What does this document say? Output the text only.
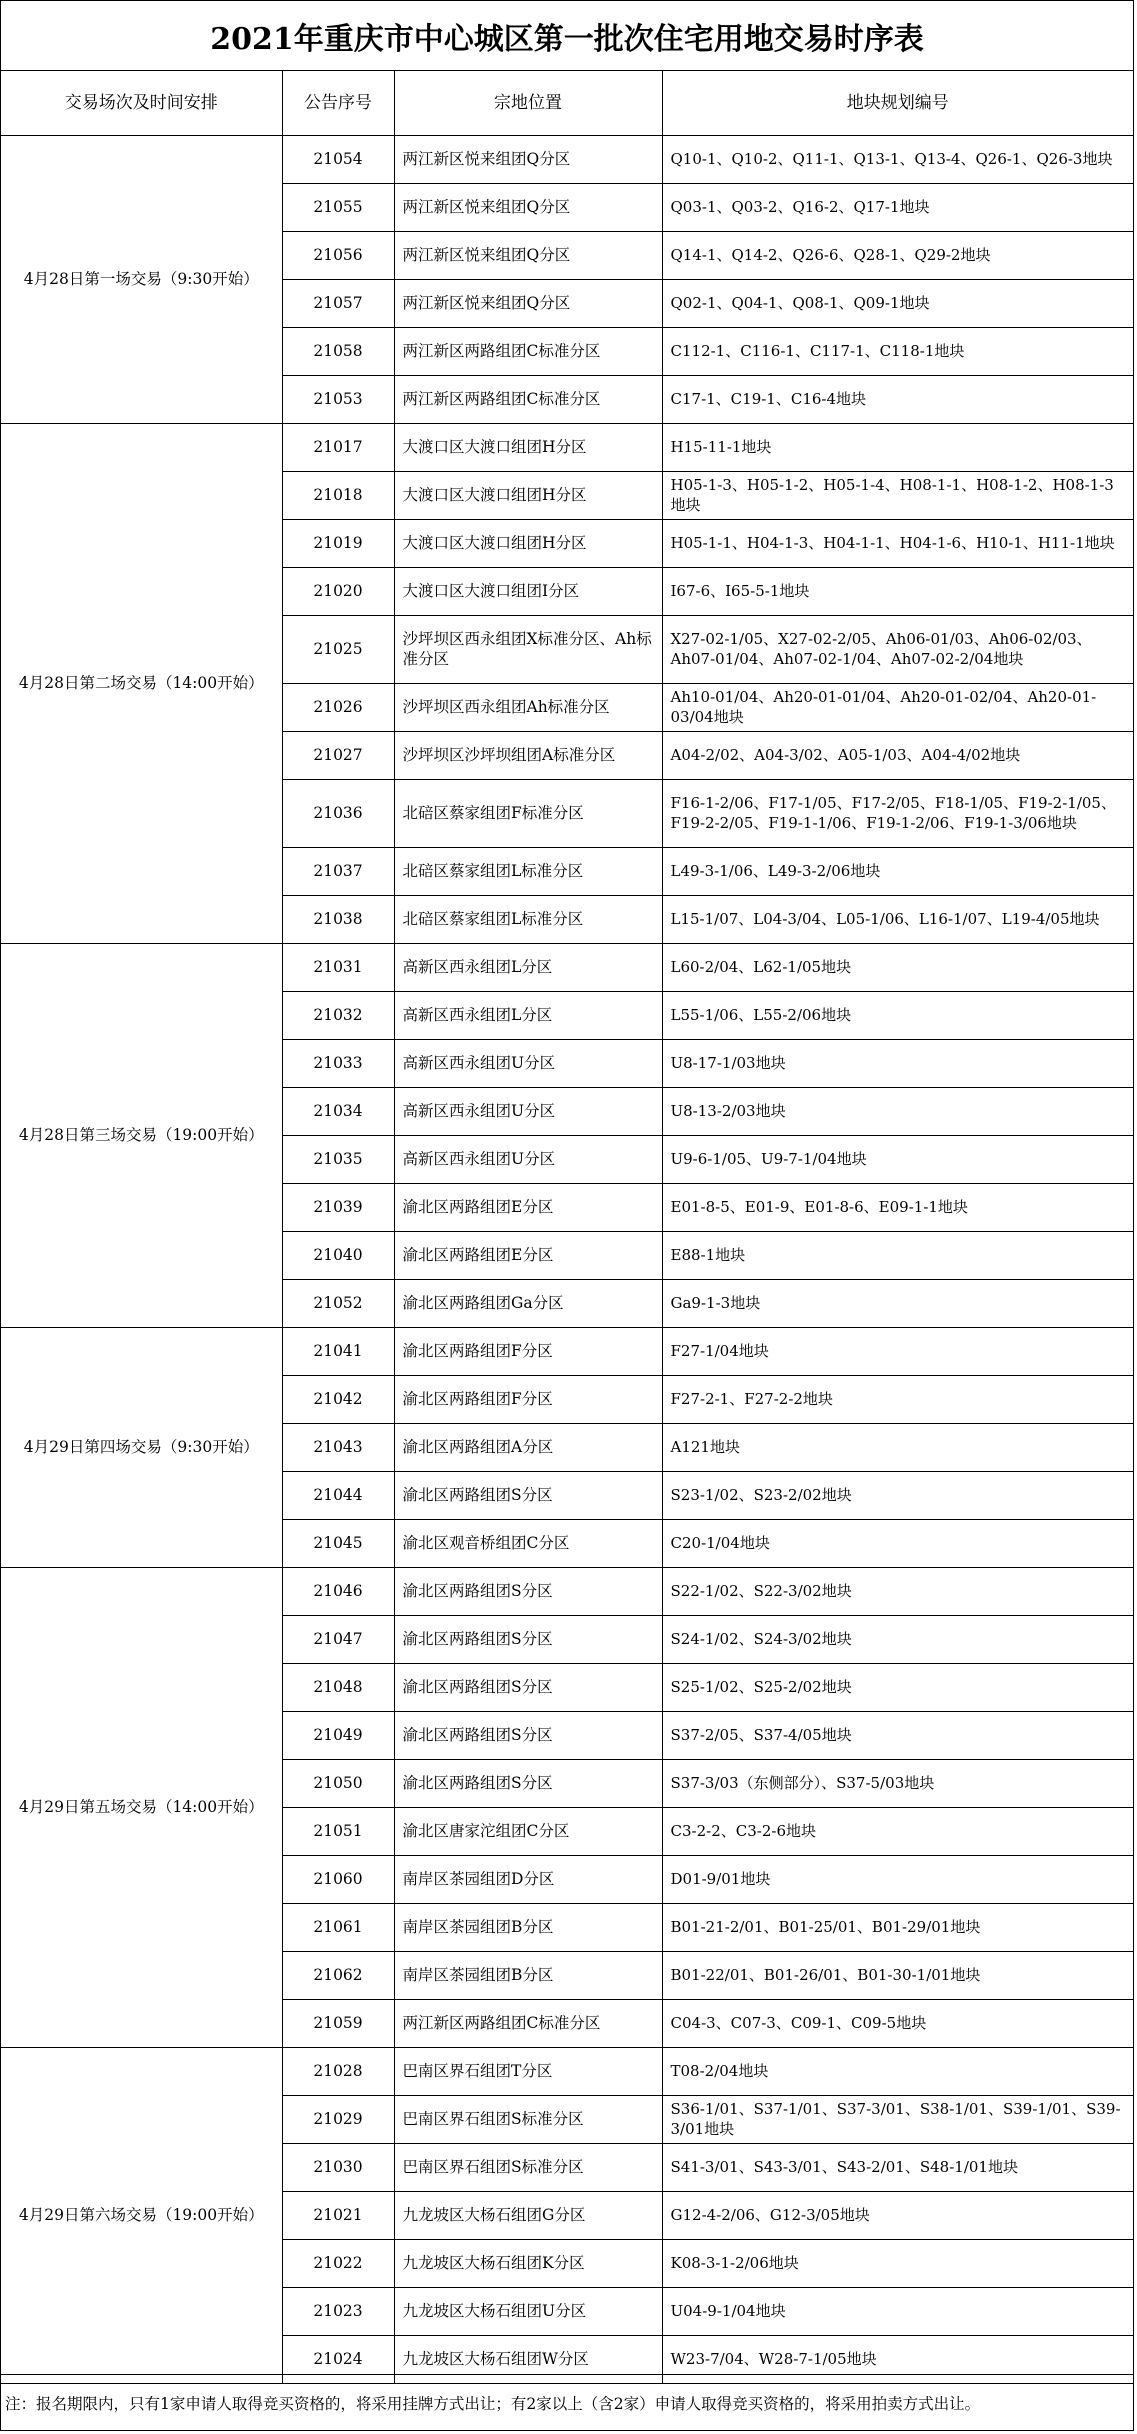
2021年重庆市中心城区第一批次住宅用地交易时序表
交易场次及时间安排	公告序号	宗地位置	地块规划编号
4月28日第一场交易（9:30开始）	21054	两江新区悦来组团Q分区	Q10-1、Q10-2、Q11-1、Q13-1、Q13-4、Q26-1、Q26-3地块
	21055	两江新区悦来组团Q分区	Q03-1、Q03-2、Q16-2、Q17-1地块
	21056	两江新区悦来组团Q分区	Q14-1、Q14-2、Q26-6、Q28-1、Q29-2地块
	21057	两江新区悦来组团Q分区	Q02-1、Q04-1、Q08-1、Q09-1地块
	21058	两江新区两路组团C标准分区	C112-1、C116-1、C117-1、C118-1地块
	21053	两江新区两路组团C标准分区	C17-1、C19-1、C16-4地块
4月28日第二场交易（14:00开始）	21017	大渡口区大渡口组团H分区	H15-11-1地块
	21018	大渡口区大渡口组团H分区	H05-1-3、H05-1-2、H05-1-4、H08-1-1、H08-1-2、H08-1-3地块
	21019	大渡口区大渡口组团H分区	H05-1-1、H04-1-3、H04-1-1、H04-1-6、H10-1、H11-1地块
	21020	大渡口区大渡口组团I分区	I67-6、I65-5-1地块
	21025	沙坪坝区西永组团X标准分区、Ah标准分区	X27-02-1/05、X27-02-2/05、Ah06-01/03、Ah06-02/03、Ah07-01/04、Ah07-02-1/04、Ah07-02-2/04地块
	21026	沙坪坝区西永组团Ah标准分区	Ah10-01/04、Ah20-01-01/04、Ah20-01-02/04、Ah20-01-03/04地块
	21027	沙坪坝区沙坪坝组团A标准分区	A04-2/02、A04-3/02、A05-1/03、A04-4/02地块
	21036	北碚区蔡家组团F标准分区	F16-1-2/06、F17-1/05、F17-2/05、F18-1/05、F19-2-1/05、F19-2-2/05、F19-1-1/06、F19-1-2/06、F19-1-3/06地块
	21037	北碚区蔡家组团L标准分区	L49-3-1/06、L49-3-2/06地块
	21038	北碚区蔡家组团L标准分区	L15-1/07、L04-3/04、L05-1/06、L16-1/07、L19-4/05地块
4月28日第三场交易（19:00开始）	21031	高新区西永组团L分区	L60-2/04、L62-1/05地块
	21032	高新区西永组团L分区	L55-1/06、L55-2/06地块
	21033	高新区西永组团U分区	U8-17-1/03地块
	21034	高新区西永组团U分区	U8-13-2/03地块
	21035	高新区西永组团U分区	U9-6-1/05、U9-7-1/04地块
	21039	渝北区两路组团E分区	E01-8-5、E01-9、E01-8-6、E09-1-1地块
	21040	渝北区两路组团E分区	E88-1地块
	21052	渝北区两路组团Ga分区	Ga9-1-3地块
4月29日第四场交易（9:30开始）	21041	渝北区两路组团F分区	F27-1/04地块
	21042	渝北区两路组团F分区	F27-2-1、F27-2-2地块
	21043	渝北区两路组团A分区	A121地块
	21044	渝北区两路组团S分区	S23-1/02、S23-2/02地块
	21045	渝北区观音桥组团C分区	C20-1/04地块
4月29日第五场交易（14:00开始）	21046	渝北区两路组团S分区	S22-1/02、S22-3/02地块
	21047	渝北区两路组团S分区	S24-1/02、S24-3/02地块
	21048	渝北区两路组团S分区	S25-1/02、S25-2/02地块
	21049	渝北区两路组团S分区	S37-2/05、S37-4/05地块
	21050	渝北区两路组团S分区	S37-3/03（东侧部分）、S37-5/03地块
	21051	渝北区唐家沱组团C分区	C3-2-2、C3-2-6地块
	21060	南岸区茶园组团D分区	D01-9/01地块
	21061	南岸区茶园组团B分区	B01-21-2/01、B01-25/01、B01-29/01地块
	21062	南岸区茶园组团B分区	B01-22/01、B01-26/01、B01-30-1/01地块
	21059	两江新区两路组团C标准分区	C04-3、C07-3、C09-1、C09-5地块
4月29日第六场交易（19:00开始）	21028	巴南区界石组团T分区	T08-2/04地块
	21029	巴南区界石组团S标准分区	S36-1/01、S37-1/01、S37-3/01、S38-1/01、S39-1/01、S39-3/01地块
	21030	巴南区界石组团S标准分区	S41-3/01、S43-3/01、S43-2/01、S48-1/01地块
	21021	九龙坡区大杨石组团G分区	G12-4-2/06、G12-3/05地块
	21022	九龙坡区大杨石组团K分区	K08-3-1-2/06地块
	21023	九龙坡区大杨石组团U分区	U04-9-1/04地块
	21024	九龙坡区大杨石组团W分区	W23-7/04、W28-7-1/05地块
注：报名期限内，只有1家申请人取得竞买资格的，将采用挂牌方式出让；有2家以上（含2家）申请人取得竞买资格的，将采用拍卖方式出让。
